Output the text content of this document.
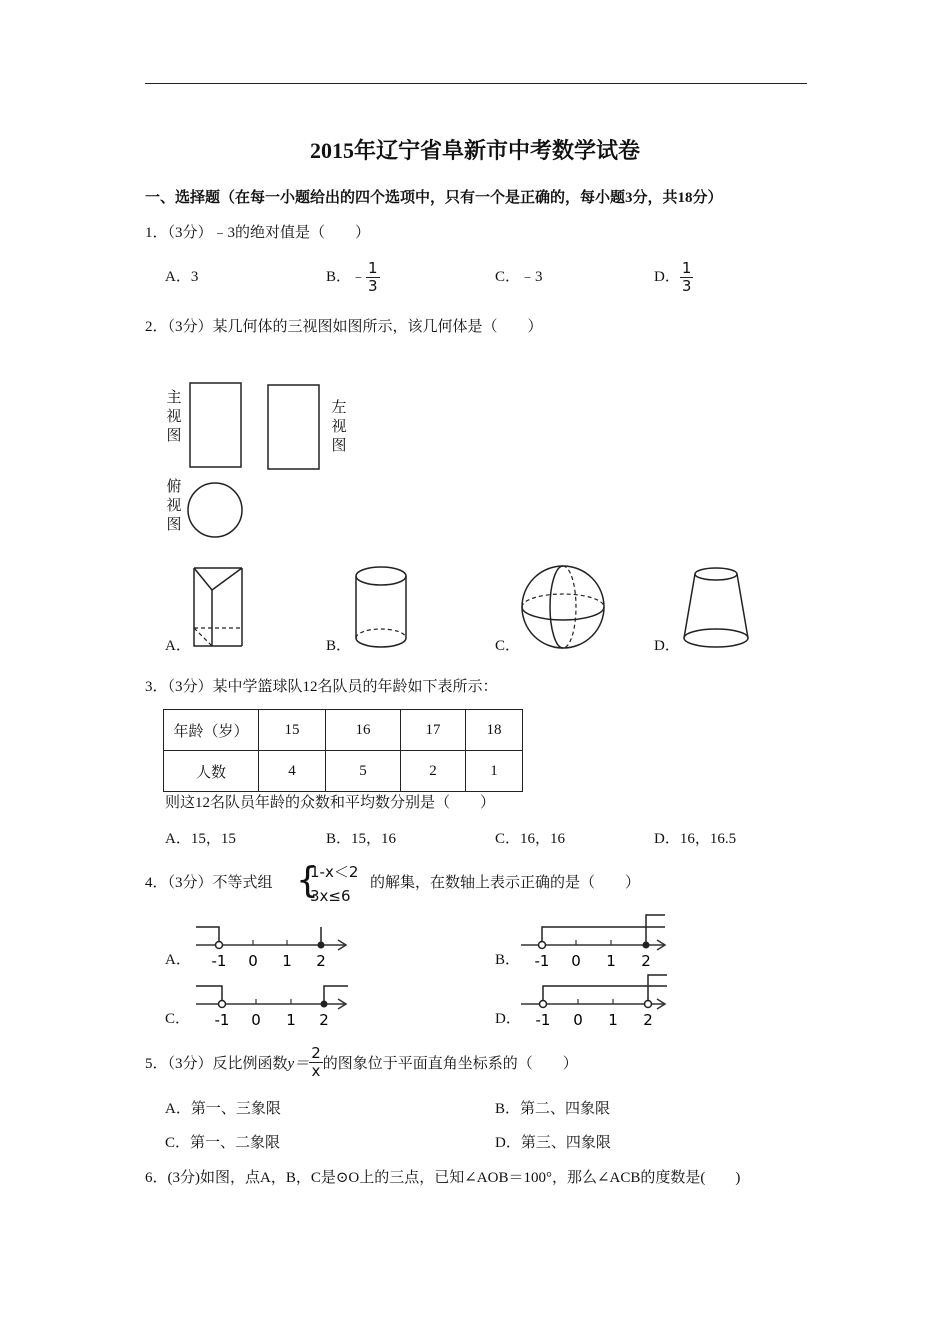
2015年辽宁省阜新市中考数学试卷
一、选择题（在每一小题给出的四个选项中，只有一个是正确的，每小题3分，共18分）
1．（3分）﹣3的绝对值是（　　）
A．3	B．﹣ $\frac{1}{3}$	C．﹣3	D． $\frac{1}{3}$
2．（3分）某几何体的三视图如图所示，该几何体是（　　）
主
视
图
左
视
图
俯
视
图
A．	B．	C．	D．
3．（3分）某中学篮球队12名队员的年龄如下表所示：
年龄（岁）	15	16	17	18
人数	4	5	2	1
则这12名队员年龄的众数和平均数分别是（　　）
A．15，15	B．15，16	C．16，16	D．16，16.5
4．（3分）不等式组 {
1-x＜2
3x≤6
的解集，在数轴上表示正确的是（　　）
A． -1 0 1 2	B． -1 0 1 2
C． -1 0 1 2	D． -1 0 1 2
5．（3分）反比例函数$y= \frac{2}{x}$ 的图象位于平面直角坐标系的（　　）
A．第一、三象限	B．第二、四象限
C．第一、二象限	D．第三、四象限
6．(3分)如图，点A，B，C是⊙O上的三点，已知∠AOB＝100°，那么∠ACB的度数是(　　)
